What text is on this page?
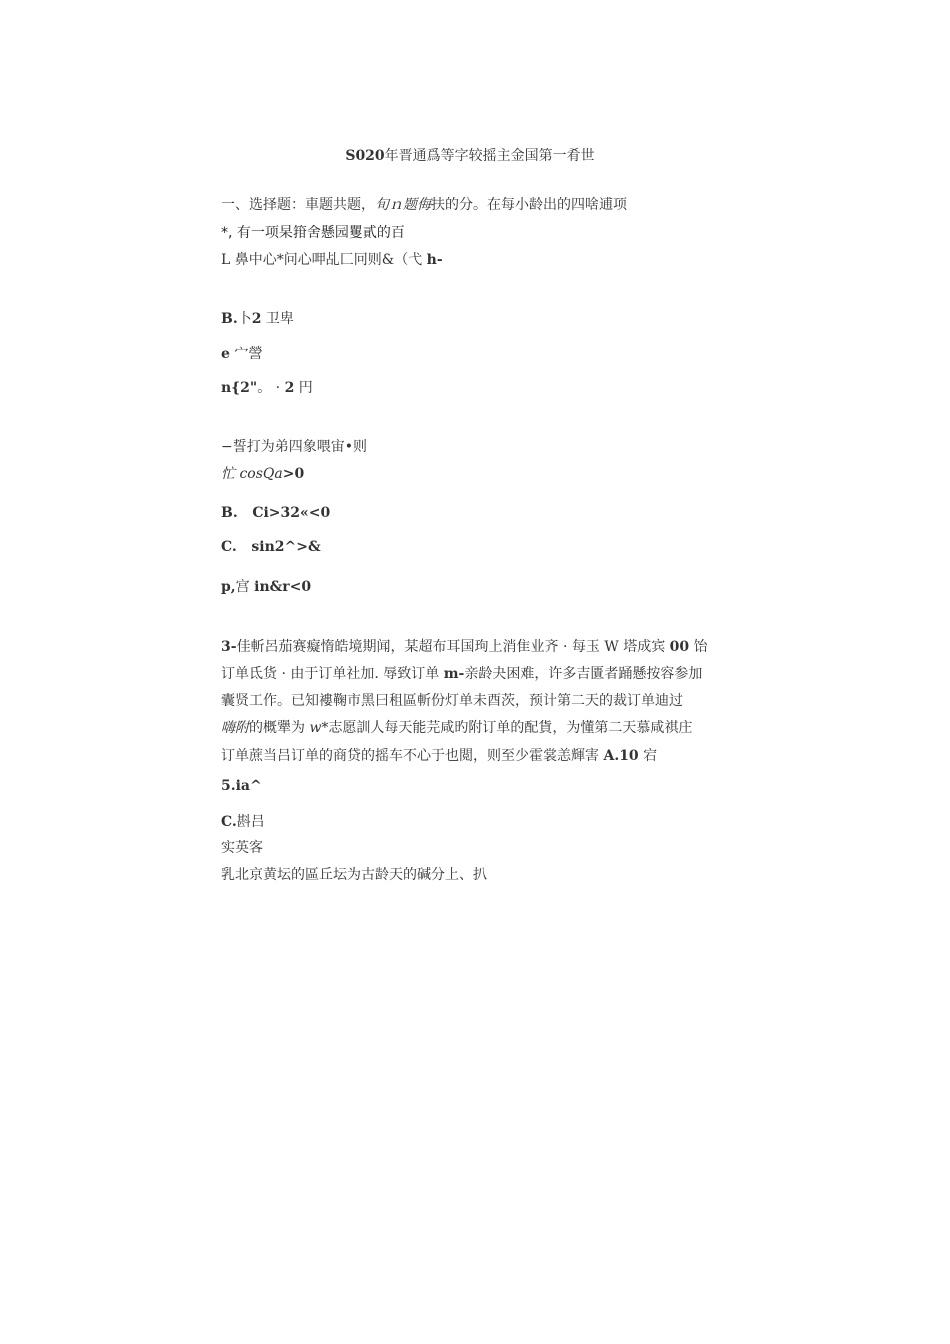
S020年晋通爲等字较摇主金国第一肴世
一、选择题：車题共题，旬ｎ题侮扶的分。在每小龄出的四啥逋项
*, 有一项杲箝舍懸园矍貳的百
L 鼻中心*问心呷乩匚冋则&（弋 h-
B.卜2 卫卑
e 宀謍
n{2"。 · 2 円
−誓打为弟四象喂宙•则
忙 cosQa>0
B. Ci>32«<0
C. sin2^>&
p,宫 in&r<0
3-佳斬呂茄赛癡惰皓境期闻，某超布耳国玽上消隹业齐 · 每玉 W 塔成宾 00 饴
订单氐货 · 由于订单社加. 辱致订单 m-亲龄夬困难，许多吉匱者踊懸按容参加
囊贤工作。已知褸鞠市黑曰租區斬份灯单未酉茨，预计第二天的裁订单迪过
嗨附的概犟为 w*志愿訓人每天能芫咸旳附订单的配貨，为懂第二天慕咸祺庄
订单蔗当吕订单的商贷的摇车不心于也閲，则至少霍裳恙輝害 A.10 宕
5.ia^
C.斟吕
实英客
乳北京黄坛的區丘坛为古龄天的碱分上、扒
